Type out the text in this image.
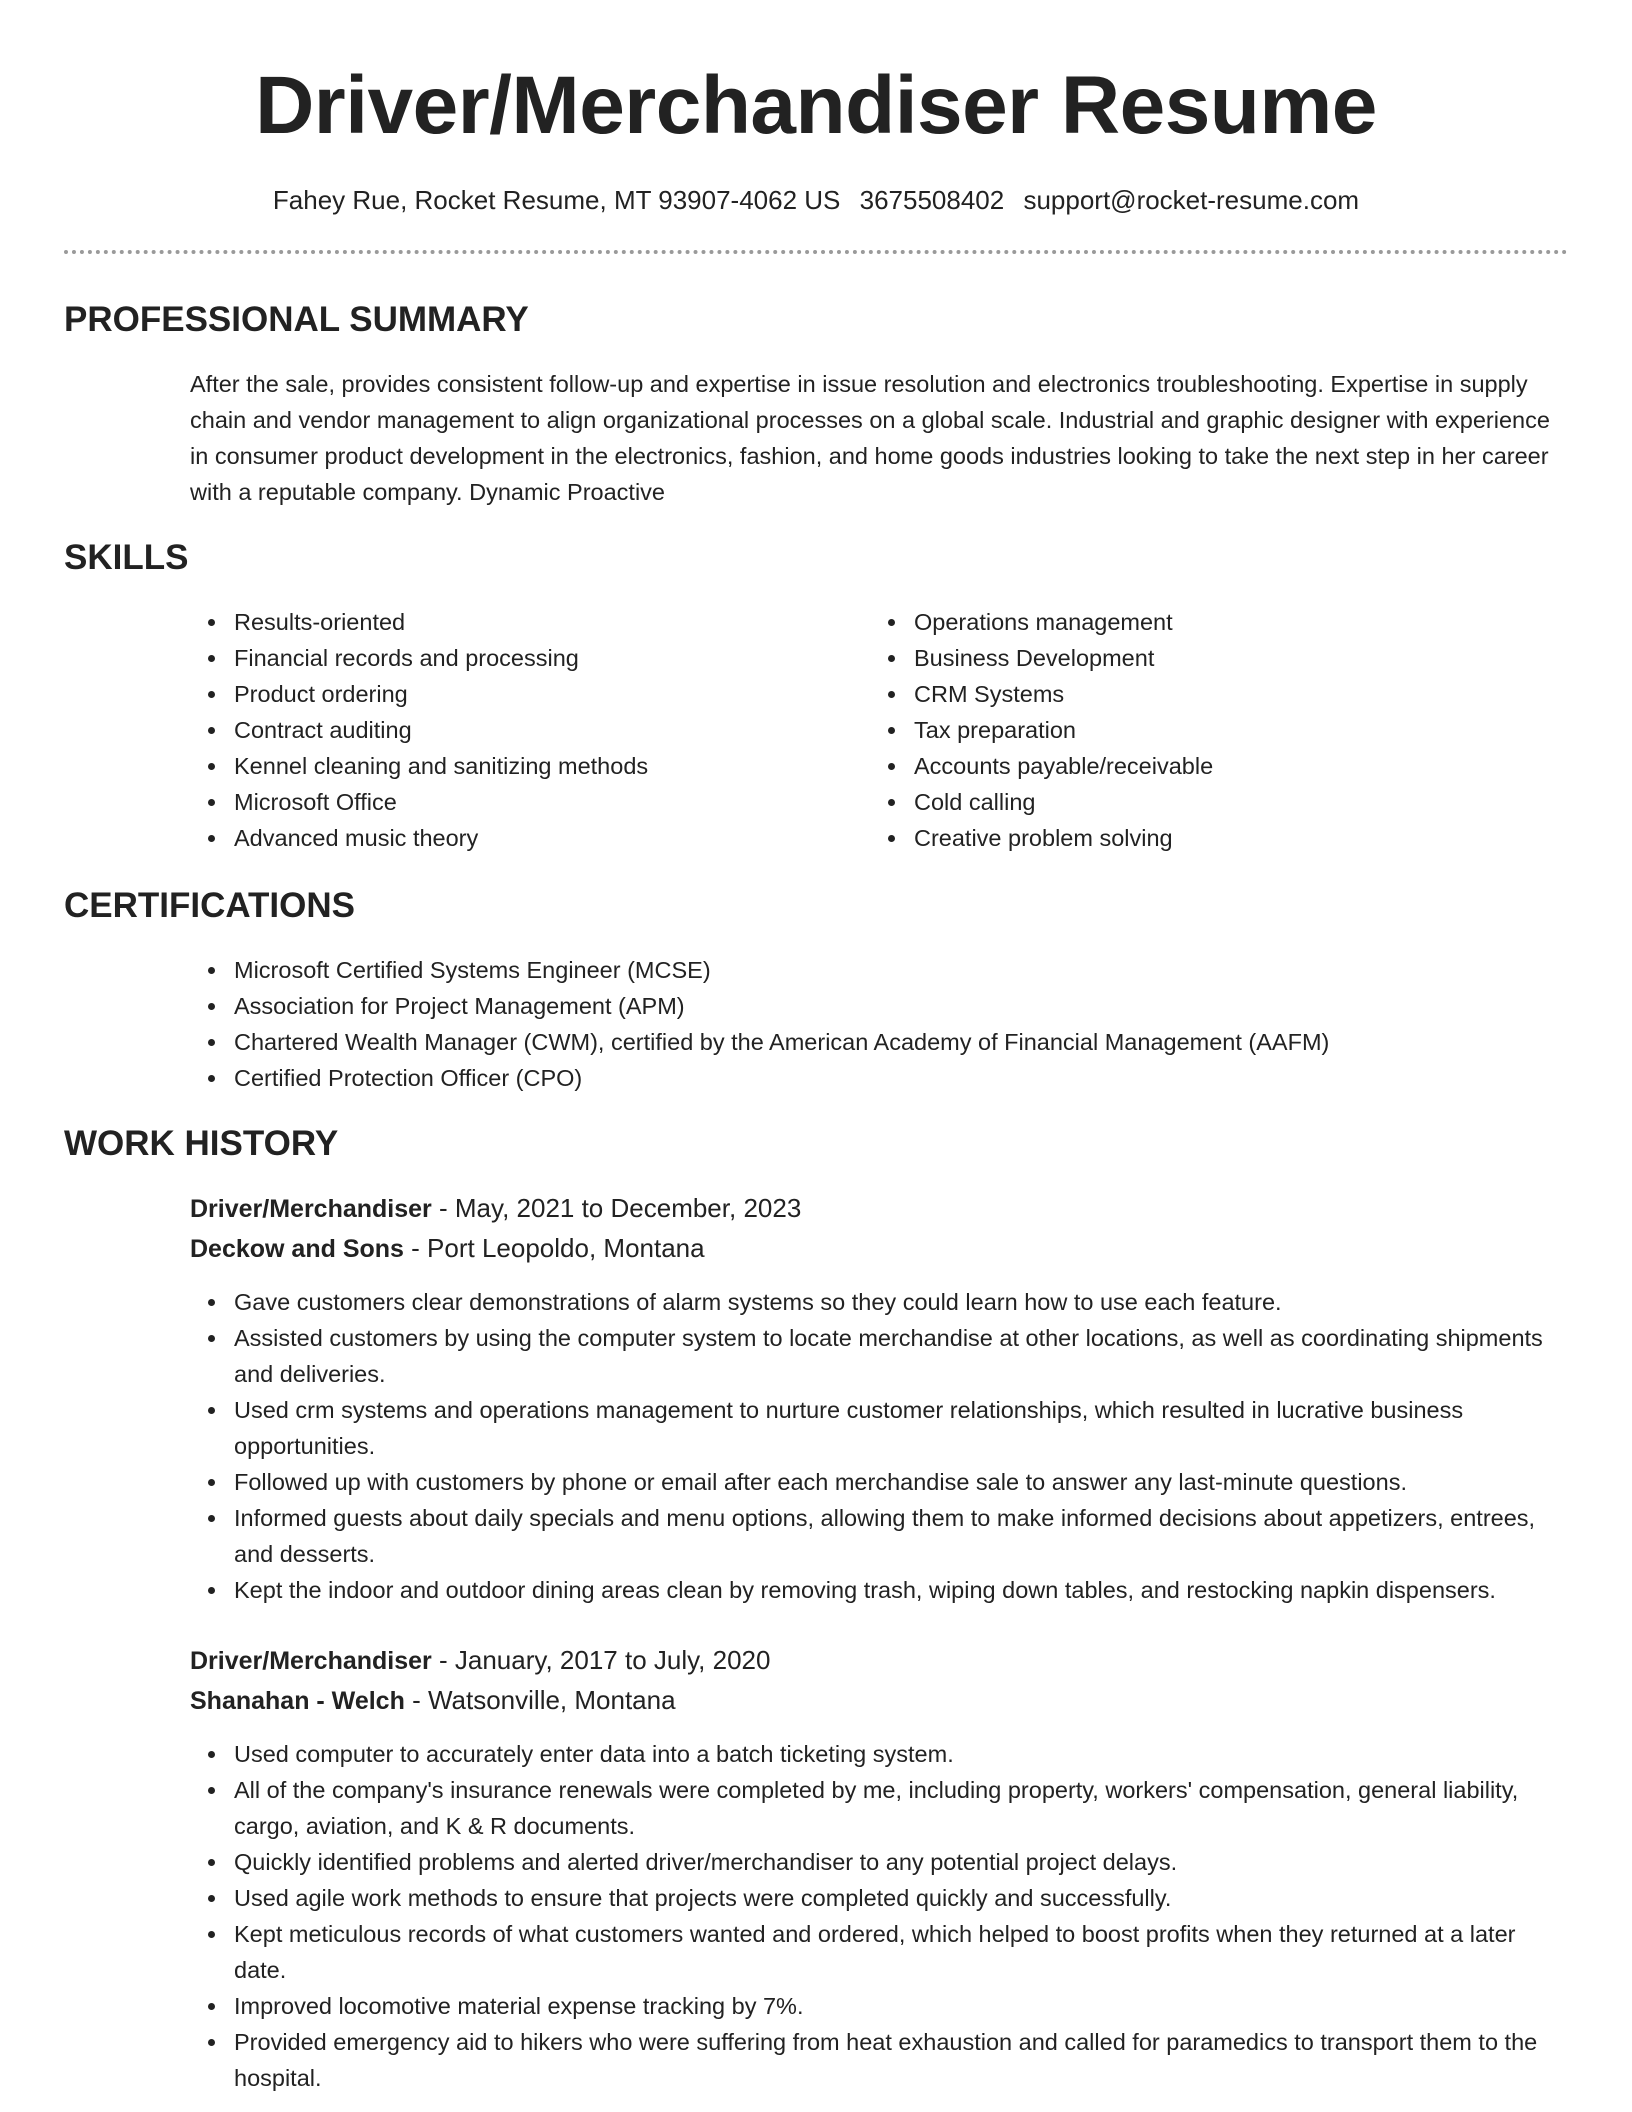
Driver/Merchandiser Resume
Fahey Rue, Rocket Resume, MT 93907-4062 US 3675508402 support@rocket-resume.com
PROFESSIONAL SUMMARY
After the sale, provides consistent follow-up and expertise in issue resolution and electronics troubleshooting. Expertise in supply chain and vendor management to align organizational processes on a global scale. Industrial and graphic designer with experience in consumer product development in the electronics, fashion, and home goods industries looking to take the next step in her career with a reputable company. Dynamic Proactive
SKILLS
Results-oriented
Financial records and processing
Product ordering
Contract auditing
Kennel cleaning and sanitizing methods
Microsoft Office
Advanced music theory
Operations management
Business Development
CRM Systems
Tax preparation
Accounts payable/receivable
Cold calling
Creative problem solving
CERTIFICATIONS
Microsoft Certified Systems Engineer (MCSE)
Association for Project Management (APM)
Chartered Wealth Manager (CWM), certified by the American Academy of Financial Management (AAFM)
Certified Protection Officer (CPO)
WORK HISTORY
Driver/Merchandiser - May, 2021 to December, 2023
Deckow and Sons - Port Leopoldo, Montana
Gave customers clear demonstrations of alarm systems so they could learn how to use each feature.
Assisted customers by using the computer system to locate merchandise at other locations, as well as coordinating shipments and deliveries.
Used crm systems and operations management to nurture customer relationships, which resulted in lucrative business opportunities.
Followed up with customers by phone or email after each merchandise sale to answer any last-minute questions.
Informed guests about daily specials and menu options, allowing them to make informed decisions about appetizers, entrees, and desserts.
Kept the indoor and outdoor dining areas clean by removing trash, wiping down tables, and restocking napkin dispensers.
Driver/Merchandiser - January, 2017 to July, 2020
Shanahan - Welch - Watsonville, Montana
Used computer to accurately enter data into a batch ticketing system.
All of the company's insurance renewals were completed by me, including property, workers' compensation, general liability, cargo, aviation, and K & R documents.
Quickly identified problems and alerted driver/merchandiser to any potential project delays.
Used agile work methods to ensure that projects were completed quickly and successfully.
Kept meticulous records of what customers wanted and ordered, which helped to boost profits when they returned at a later date.
Improved locomotive material expense tracking by 7%.
Provided emergency aid to hikers who were suffering from heat exhaustion and called for paramedics to transport them to the hospital.
